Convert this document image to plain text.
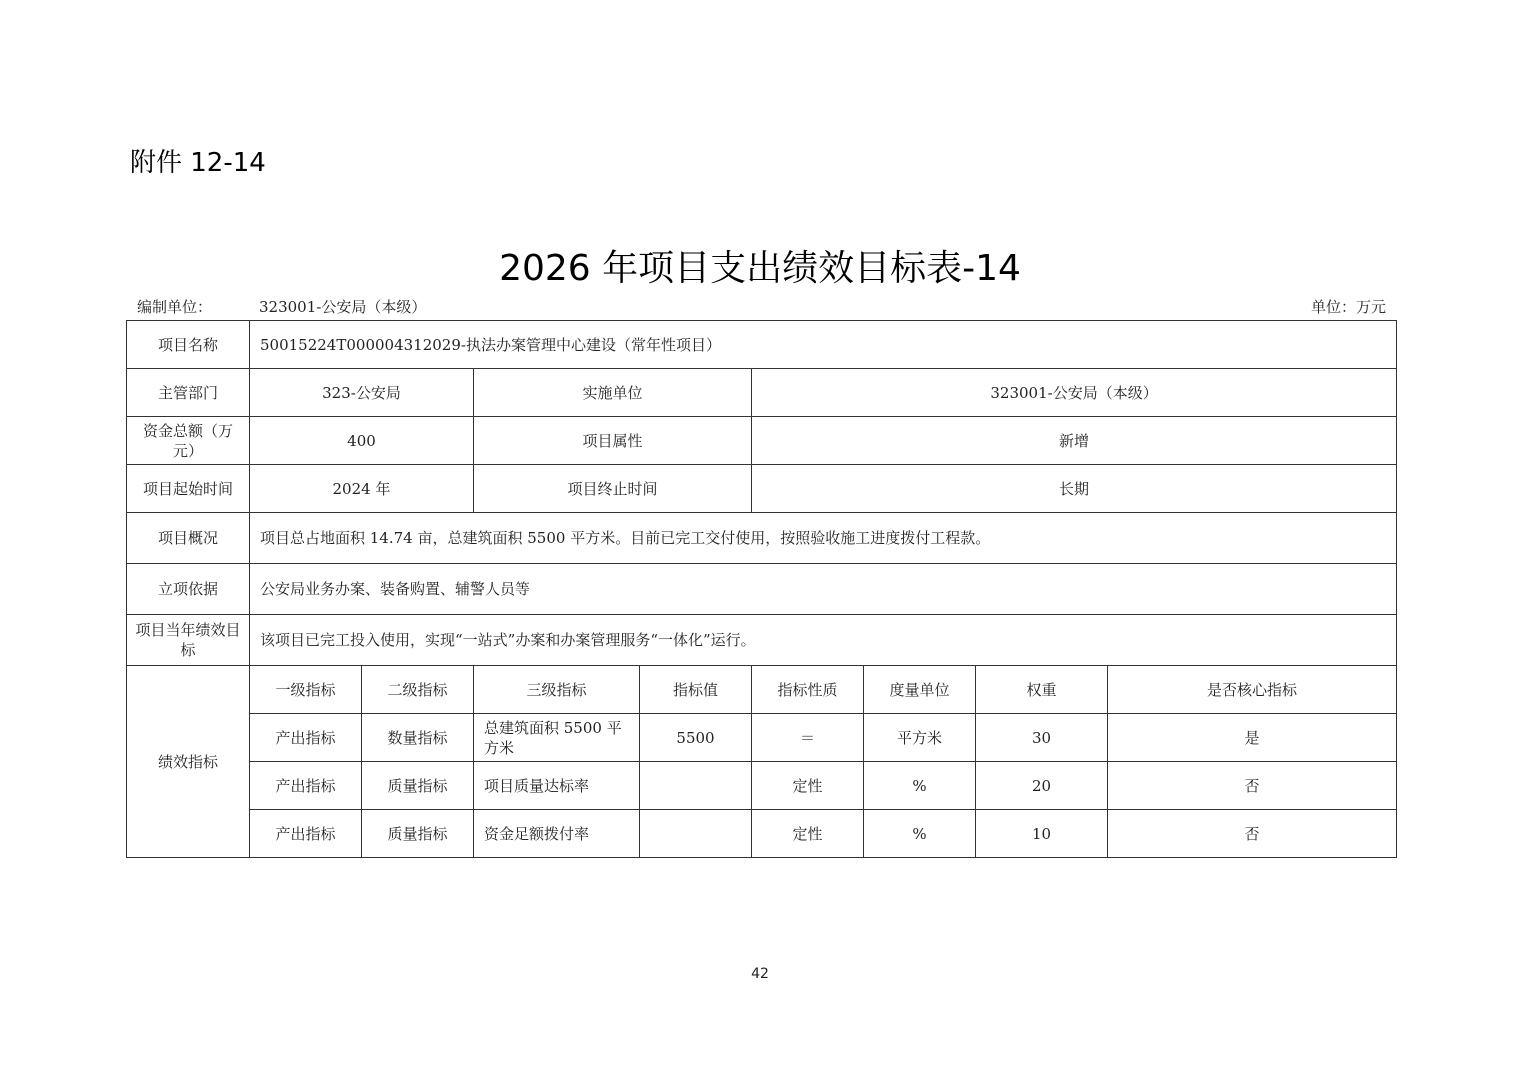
附件 12-14
2026 年项目支出绩效目标表-14
编制单位：	323001-公安局（本级）	单位：万元
项目名称	50015224T000004312029-执法办案管理中心建设（常年性项目）							
主管部门	323-公安局		实施单位		323001-公安局（本级）			
资金总额（万元）	400		项目属性		新增			
项目起始时间	2024 年		项目终止时间		长期			
项目概况	项目总占地面积 14.74 亩，总建筑面积 5500 平方米。目前已完工交付使用，按照验收施工进度拨付工程款。							
立项依据	公安局业务办案、装备购置、辅警人员等							
项目当年绩效目标	该项目已完工投入使用，实现“一站式”办案和办案管理服务“一体化”运行。							
绩效指标	一级指标	二级指标	三级指标	指标值	指标性质	度量单位	权重	是否核心指标
	产出指标	数量指标	总建筑面积 5500 平方米	5500	＝	平方米	30	是
	产出指标	质量指标	项目质量达标率		定性	%	20	否
	产出指标	质量指标	资金足额拨付率		定性	%	10	否
42
